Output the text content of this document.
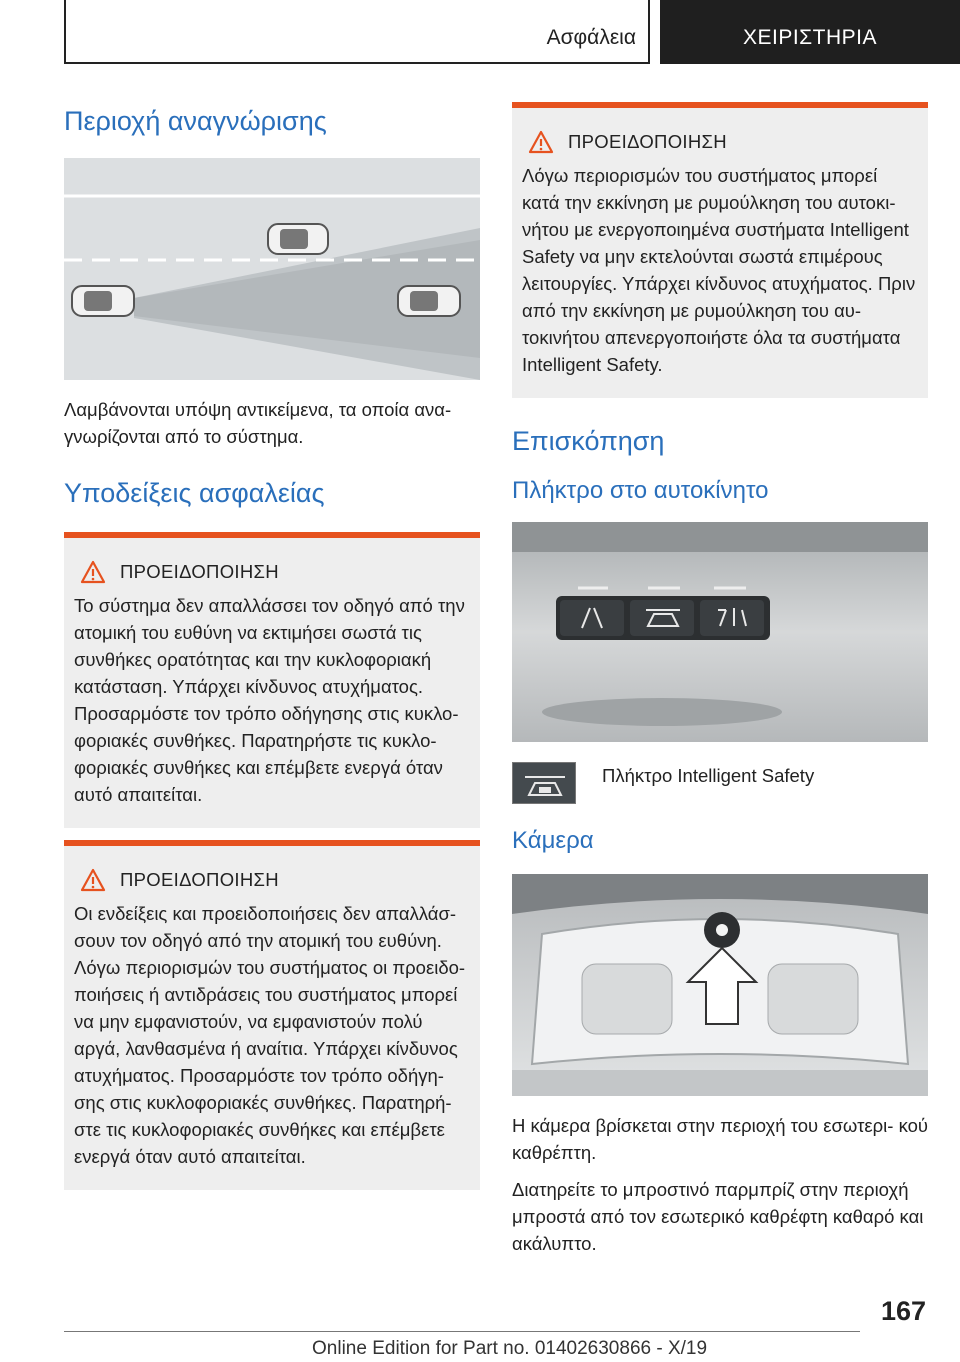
Ασφάλεια	ΧΕΙΡΙΣΤΗΡΙΑ
Περιοχή αναγνώρισης

Λαμβάνονται υπόψη αντικείμενα, τα οποία ανα- γνωρίζονται από το σύστημα.

Υποδείξεις ασφαλείας
ΠΡΟΕΙΔΟΠΟΙΗΣΗ

Το σύστημα δεν απαλλάσσει τον οδηγό από την ατομική του ευθύνη να εκτιμήσει σωστά τις συνθήκες ορατότητας και την κυκλοφοριακή κατάσταση. Υπάρχει κίνδυνος ατυχήματος. Προσαρμόστε τον τρόπο οδήγησης στις κυκλο- φοριακές συνθήκες. Παρατηρήστε τις κυκλο- φοριακές συνθήκες και επέμβετε ενεργά όταν αυτό απαιτείται.

ΠΡΟΕΙΔΟΠΟΙΗΣΗ

Οι ενδείξεις και προειδοποιήσεις δεν απαλλάσ- σουν τον οδηγό από την ατομική του ευθύνη. Λόγω περιορισμών του συστήματος οι προειδο- ποιήσεις ή αντιδράσεις του συστήματος μπορεί να μην εμφανιστούν, να εμφανιστούν πολύ αργά, λανθασμένα ή αναίτια. Υπάρχει κίνδυνος ατυχήματος. Προσαρμόστε τον τρόπο οδήγη- σης στις κυκλοφοριακές συνθήκες. Παρατηρή- στε τις κυκλοφοριακές συνθήκες και επέμβετε ενεργά όταν αυτό απαιτείται.

ΠΡΟΕΙΔΟΠΟΙΗΣΗ

Λόγω περιορισμών του συστήματος μπορεί κατά την εκκίνηση με ρυμούλκηση του αυτοκι- νήτου με ενεργοποιημένα συστήματα Intelligent Safety να μην εκτελούνται σωστά επιμέρους λειτουργίες. Υπάρχει κίνδυνος ατυχήματος. Πριν από την εκκίνηση με ρυμούλκηση του αυ- τοκινήτου απενεργοποιήστε όλα τα συστήματα Intelligent Safety.

Επισκόπηση
Πλήκτρο στο αυτοκίνητο
Πλήκτρο Intelligent Safety
Κάμερα

Η κάμερα βρίσκεται στην περιοχή του εσωτερι- κού καθρέπτη.

Διατηρείτε το μπροστινό παρμπρίζ στην περιοχή μπροστά από τον εσωτερικό καθρέφτη καθαρό και ακάλυπτο.

167
Online Edition for Part no. 01402630866 - X/19
